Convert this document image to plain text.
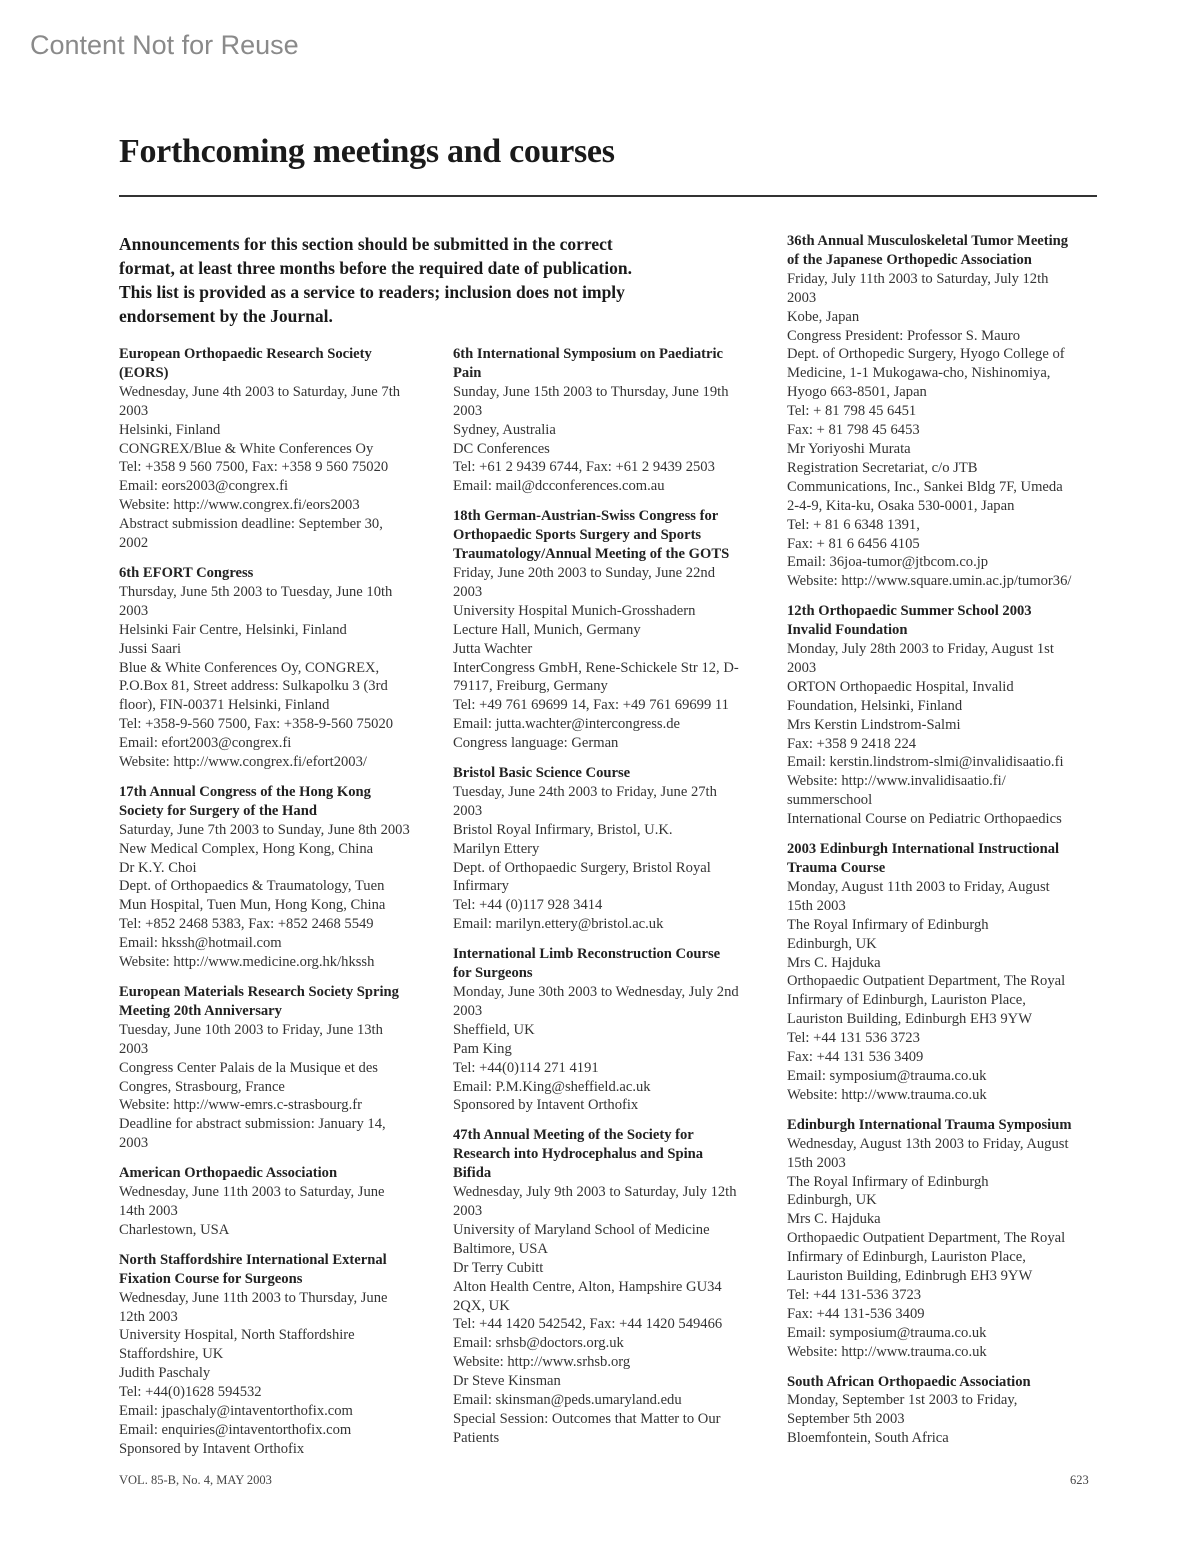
Content Not for Reuse
Forthcoming meetings and courses
Announcements for this section should be submitted in the correct
format, at least three months before the required date of publication.
This list is provided as a service to readers; inclusion does not imply
endorsement by the Journal.
European Orthopaedic Research Society
(EORS)
Wednesday, June 4th 2003 to Saturday, June 7th
2003
Helsinki, Finland
CONGREX/Blue & White Conferences Oy
Tel: +358 9 560 7500, Fax: +358 9 560 75020
Email: eors2003@congrex.fi
Website: http://www.congrex.fi/eors2003
Abstract submission deadline: September 30,
2002
6th EFORT Congress
Thursday, June 5th 2003 to Tuesday, June 10th
2003
Helsinki Fair Centre, Helsinki, Finland
Jussi Saari
Blue & White Conferences Oy, CONGREX,
P.O.Box 81, Street address: Sulkapolku 3 (3rd
floor), FIN-00371 Helsinki, Finland
Tel: +358-9-560 7500, Fax: +358-9-560 75020
Email: efort2003@congrex.fi
Website: http://www.congrex.fi/efort2003/
17th Annual Congress of the Hong Kong
Society for Surgery of the Hand
Saturday, June 7th 2003 to Sunday, June 8th 2003
New Medical Complex, Hong Kong, China
Dr K.Y. Choi
Dept. of Orthopaedics & Traumatology, Tuen
Mun Hospital, Tuen Mun, Hong Kong, China
Tel: +852 2468 5383, Fax: +852 2468 5549
Email: hkssh@hotmail.com
Website: http://www.medicine.org.hk/hkssh
European Materials Research Society Spring
Meeting 20th Anniversary
Tuesday, June 10th 2003 to Friday, June 13th
2003
Congress Center Palais de la Musique et des
Congres, Strasbourg, France
Website: http://www-emrs.c-strasbourg.fr
Deadline for abstract submission: January 14,
2003
American Orthopaedic Association
Wednesday, June 11th 2003 to Saturday, June
14th 2003
Charlestown, USA
North Staffordshire International External
Fixation Course for Surgeons
Wednesday, June 11th 2003 to Thursday, June
12th 2003
University Hospital, North Staffordshire
Staffordshire, UK
Judith Paschaly
Tel: +44(0)1628 594532
Email: jpaschaly@intaventorthofix.com
Email: enquiries@intaventorthofix.com
Sponsored by Intavent Orthofix
6th International Symposium on Paediatric
Pain
Sunday, June 15th 2003 to Thursday, June 19th
2003
Sydney, Australia
DC Conferences
Tel: +61 2 9439 6744, Fax: +61 2 9439 2503
Email: mail@dcconferences.com.au
18th German-Austrian-Swiss Congress for
Orthopaedic Sports Surgery and Sports
Traumatology/Annual Meeting of the GOTS
Friday, June 20th 2003 to Sunday, June 22nd
2003
University Hospital Munich-Grosshadern
Lecture Hall, Munich, Germany
Jutta Wachter
InterCongress GmbH, Rene-Schickele Str 12, D-
79117, Freiburg, Germany
Tel: +49 761 69699 14, Fax: +49 761 69699 11
Email: jutta.wachter@intercongress.de
Congress language: German
Bristol Basic Science Course
Tuesday, June 24th 2003 to Friday, June 27th
2003
Bristol Royal Infirmary, Bristol, U.K.
Marilyn Ettery
Dept. of Orthopaedic Surgery, Bristol Royal
Infirmary
Tel: +44 (0)117 928 3414
Email: marilyn.ettery@bristol.ac.uk
International Limb Reconstruction Course
for Surgeons
Monday, June 30th 2003 to Wednesday, July 2nd
2003
Sheffield, UK
Pam King
Tel: +44(0)114 271 4191
Email: P.M.King@sheffield.ac.uk
Sponsored by Intavent Orthofix
47th Annual Meeting of the Society for
Research into Hydrocephalus and Spina
Bifida
Wednesday, July 9th 2003 to Saturday, July 12th
2003
University of Maryland School of Medicine
Baltimore, USA
Dr Terry Cubitt
Alton Health Centre, Alton, Hampshire GU34
2QX, UK
Tel: +44 1420 542542, Fax: +44 1420 549466
Email: srhsb@doctors.org.uk
Website: http://www.srhsb.org
Dr Steve Kinsman
Email: skinsman@peds.umaryland.edu
Special Session: Outcomes that Matter to Our
Patients
36th Annual Musculoskeletal Tumor Meeting
of the Japanese Orthopedic Association
Friday, July 11th 2003 to Saturday, July 12th
2003
Kobe, Japan
Congress President: Professor S. Mauro
Dept. of Orthopedic Surgery, Hyogo College of
Medicine, 1-1 Mukogawa-cho, Nishinomiya,
Hyogo 663-8501, Japan
Tel: + 81 798 45 6451
Fax: + 81 798 45 6453
Mr Yoriyoshi Murata
Registration Secretariat, c/o JTB
Communications, Inc., Sankei Bldg 7F, Umeda
2-4-9, Kita-ku, Osaka 530-0001, Japan
Tel: + 81 6 6348 1391,
Fax: + 81 6 6456 4105
Email: 36joa-tumor@jtbcom.co.jp
Website: http://www.square.umin.ac.jp/tumor36/
12th Orthopaedic Summer School 2003
Invalid Foundation
Monday, July 28th 2003 to Friday, August 1st
2003
ORTON Orthopaedic Hospital, Invalid
Foundation, Helsinki, Finland
Mrs Kerstin Lindstrom-Salmi
Fax: +358 9 2418 224
Email: kerstin.lindstrom-slmi@invalidisaatio.fi
Website: http://www.invalidisaatio.fi/
summerschool
International Course on Pediatric Orthopaedics
2003 Edinburgh International Instructional
Trauma Course
Monday, August 11th 2003 to Friday, August
15th 2003
The Royal Infirmary of Edinburgh
Edinburgh, UK
Mrs C. Hajduka
Orthopaedic Outpatient Department, The Royal
Infirmary of Edinburgh, Lauriston Place,
Lauriston Building, Edinburgh EH3 9YW
Tel: +44 131 536 3723
Fax: +44 131 536 3409
Email: symposium@trauma.co.uk
Website: http://www.trauma.co.uk
Edinburgh International Trauma Symposium
Wednesday, August 13th 2003 to Friday, August
15th 2003
The Royal Infirmary of Edinburgh
Edinburgh, UK
Mrs C. Hajduka
Orthopaedic Outpatient Department, The Royal
Infirmary of Edinburgh, Lauriston Place,
Lauriston Building, Edinbrugh EH3 9YW
Tel: +44 131-536 3723
Fax: +44 131-536 3409
Email: symposium@trauma.co.uk
Website: http://www.trauma.co.uk
South African Orthopaedic Association
Monday, September 1st 2003 to Friday,
September 5th 2003
Bloemfontein, South Africa
VOL. 85-B, No. 4, MAY 2003	623
